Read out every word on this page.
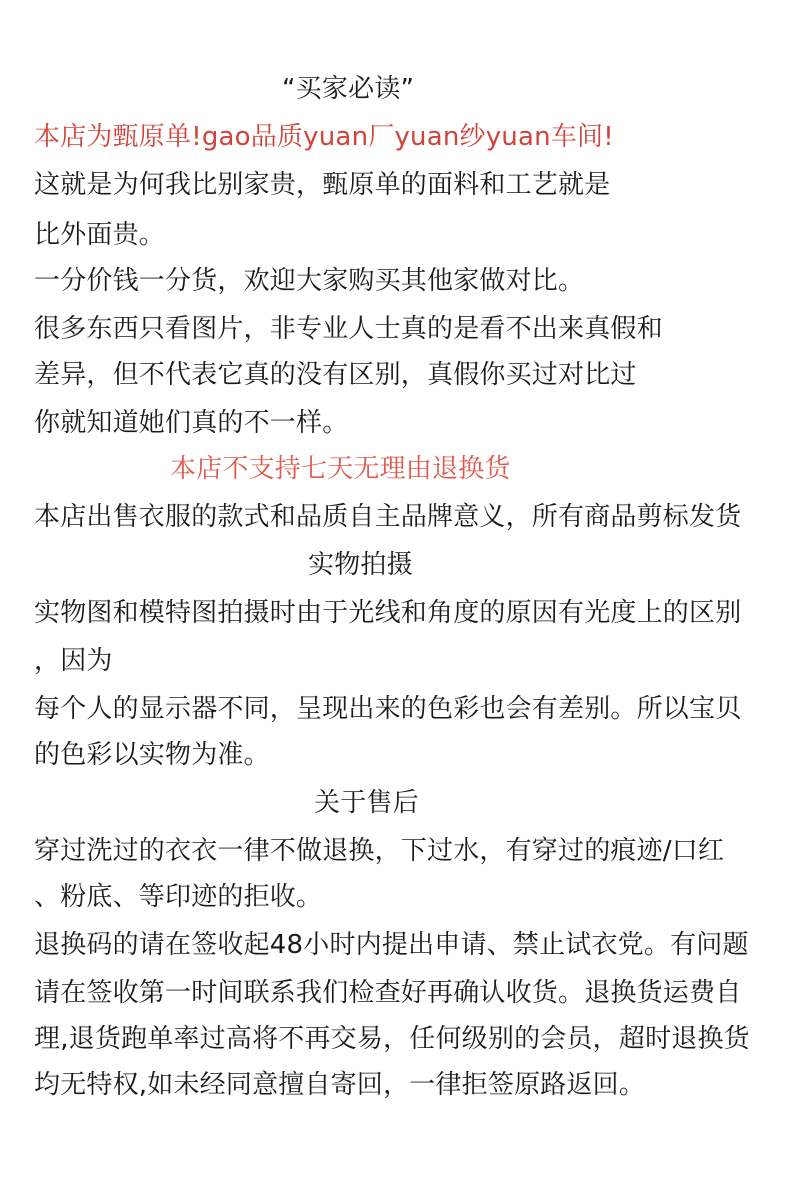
“买家必读”
本店为甄原单!gao品质yuan厂yuan纱yuan车间!
这就是为何我比别家贵，甄原单的面料和工艺就是
比外面贵。
一分价钱一分货，欢迎大家购买其他家做对比。
很多东西只看图片，非专业人士真的是看不出来真假和
差异，但不代表它真的没有区别，真假你买过对比过
你就知道她们真的不一样。
本店不支持七天无理由退换货
本店出售衣服的款式和品质自主品牌意义，所有商品剪标发货
实物拍摄
实物图和模特图拍摄时由于光线和角度的原因有光度上的区别
，因为
每个人的显示器不同，呈现出来的色彩也会有差别。所以宝贝
的色彩以实物为准。
关于售后
穿过洗过的衣衣一律不做退换，下过水，有穿过的痕迹/口红
、粉底、等印迹的拒收。
退换码的请在签收起48小时内提出申请、禁止试衣党。有问题
请在签收第一时间联系我们检查好再确认收货。退换货运费自
理,退货跑单率过高将不再交易，任何级别的会员，超时退换货
均无特权,如未经同意擅自寄回，一律拒签原路返回。
